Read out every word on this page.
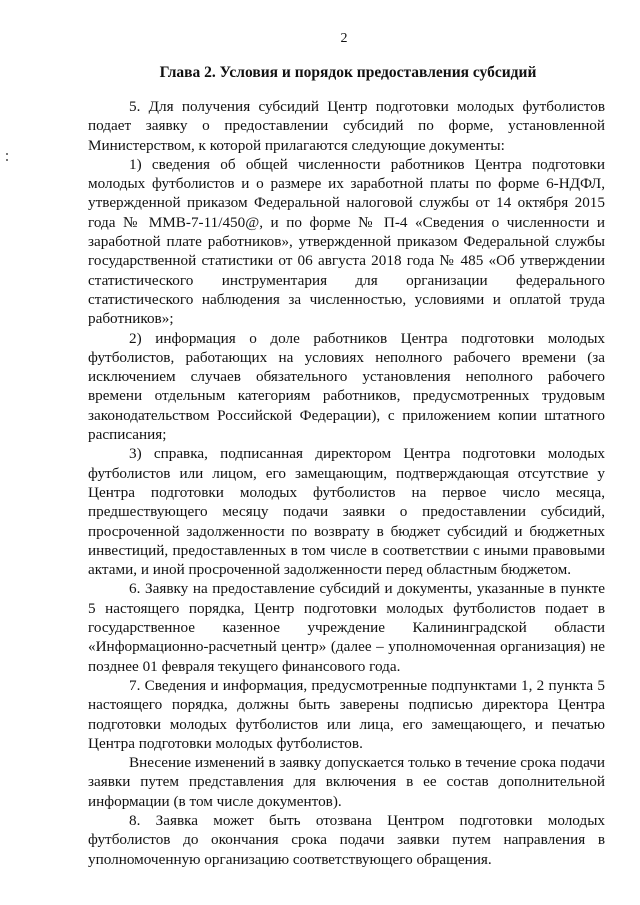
2
Глава 2. Условия и порядок предоставления субсидий

5. Для получения субсидий Центр подготовки молодых футболистов подает заявку о предоставлении субсидий по форме, установленной Министерством, к которой прилагаются следующие документы:

1) сведения об общей численности работников Центра подготовки молодых футболистов и о размере их заработной платы по форме 6-НДФЛ, утвержденной приказом Федеральной налоговой службы от 14 октября 2015 года № ММВ-7-11/450@, и по форме № П-4 «Сведения о численности и заработной плате работников», утвержденной приказом Федеральной службы государственной статистики от 06 августа 2018 года № 485 «Об утверждении статистического инструментария для организации федерального статистического наблюдения за численностью, условиями и оплатой труда работников»;

2) информация о доле работников Центра подготовки молодых футболистов, работающих на условиях неполного рабочего времени (за исключением случаев обязательного установления неполного рабочего времени отдельным категориям работников, предусмотренных трудовым законодательством Российской Федерации), с приложением копии штатного расписания;

3) справка, подписанная директором Центра подготовки молодых футболистов или лицом, его замещающим, подтверждающая отсутствие у Центра подготовки молодых футболистов на первое число месяца, предшествующего месяцу подачи заявки о предоставлении субсидий, просроченной задолженности по возврату в бюджет субсидий и бюджетных инвестиций, предоставленных в том числе в соответствии с иными правовыми актами, и иной просроченной задолженности перед областным бюджетом.

6. Заявку на предоставление субсидий и документы, указанные в пункте 5 настоящего порядка, Центр подготовки молодых футболистов подает в государственное казенное учреждение Калининградской области «Информационно-расчетный центр» (далее – уполномоченная организация) не позднее 01 февраля текущего финансового года.

7. Сведения и информация, предусмотренные подпунктами 1, 2 пункта 5 настоящего порядка, должны быть заверены подписью директора Центра подготовки молодых футболистов или лица, его замещающего, и печатью Центра подготовки молодых футболистов.

Внесение изменений в заявку допускается только в течение срока подачи заявки путем представления для включения в ее состав дополнительной информации (в том числе документов).

8. Заявка может быть отозвана Центром подготовки молодых футболистов до окончания срока подачи заявки путем направления в уполномоченную организацию соответствующего обращения.
